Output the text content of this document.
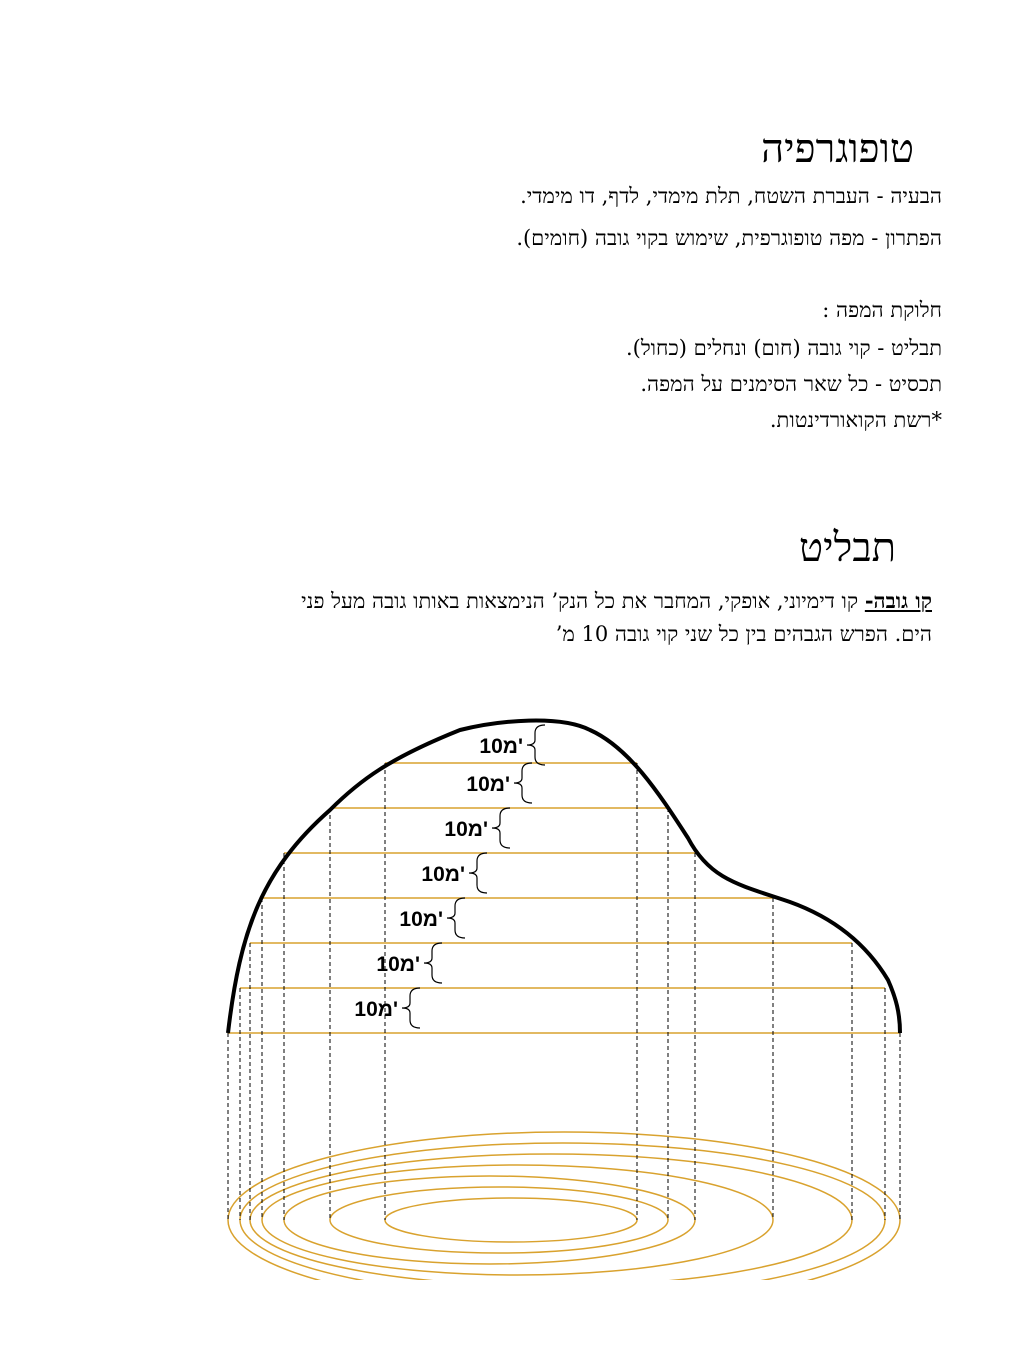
טופוגרפיה
הבעיה - העברת השטח, תלת מימדי, לדף, דו מימדי.
הפתרון - מפה טופוגרפית, שימוש בקוי גובה (חומים).
חלוקת המפה :
תבליט - קוי גובה (חום) ונחלים (כחול).
תכסיט - כל שאר הסימנים על המפה.
*רשת הקואורדינטות.
תבליט
קו גובה- קו דימיוני, אופקי, המחבר את כל הנק’ הנימצאות באותו גובה מעל פני
הים. הפרש הגבהים בין כל שני קוי גובה 10 מ’
10מ'
10מ'
10מ'
10מ'
10מ'
10מ'
10מ'
